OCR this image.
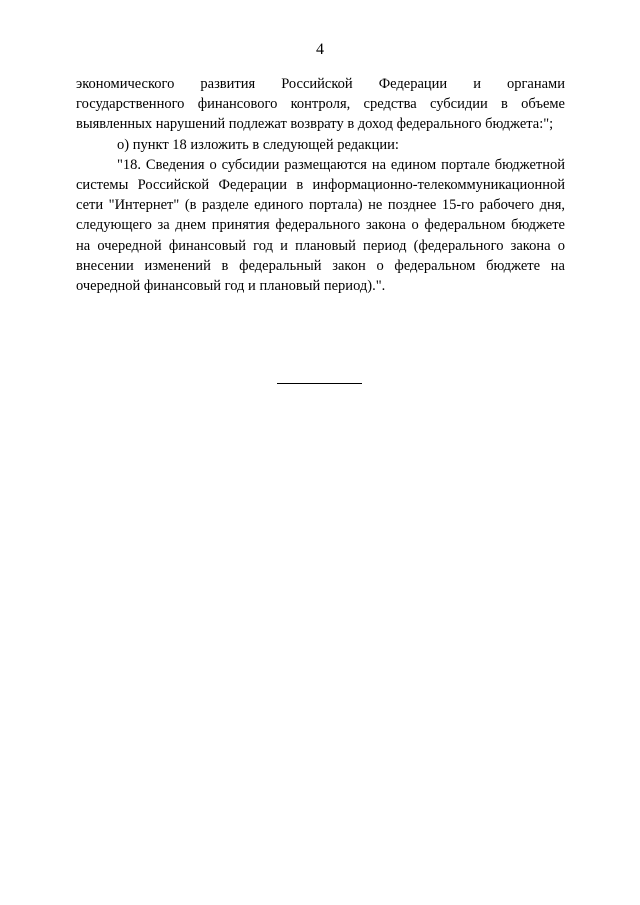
4

экономического развития Российской Федерации и органами государственного финансового контроля, средства субсидии в объеме выявленных нарушений подлежат возврату в доход федерального бюджета:";

о) пункт 18 изложить в следующей редакции:

"18. Сведения о субсидии размещаются на едином портале бюджетной системы Российской Федерации в информационно-телекоммуникационной сети "Интернет" (в разделе единого портала) не позднее 15-го рабочего дня, следующего за днем принятия федерального закона о федеральном бюджете на очередной финансовый год и плановый период (федерального закона о внесении изменений в федеральный закон о федеральном бюджете на очередной финансовый год и плановый период).".
